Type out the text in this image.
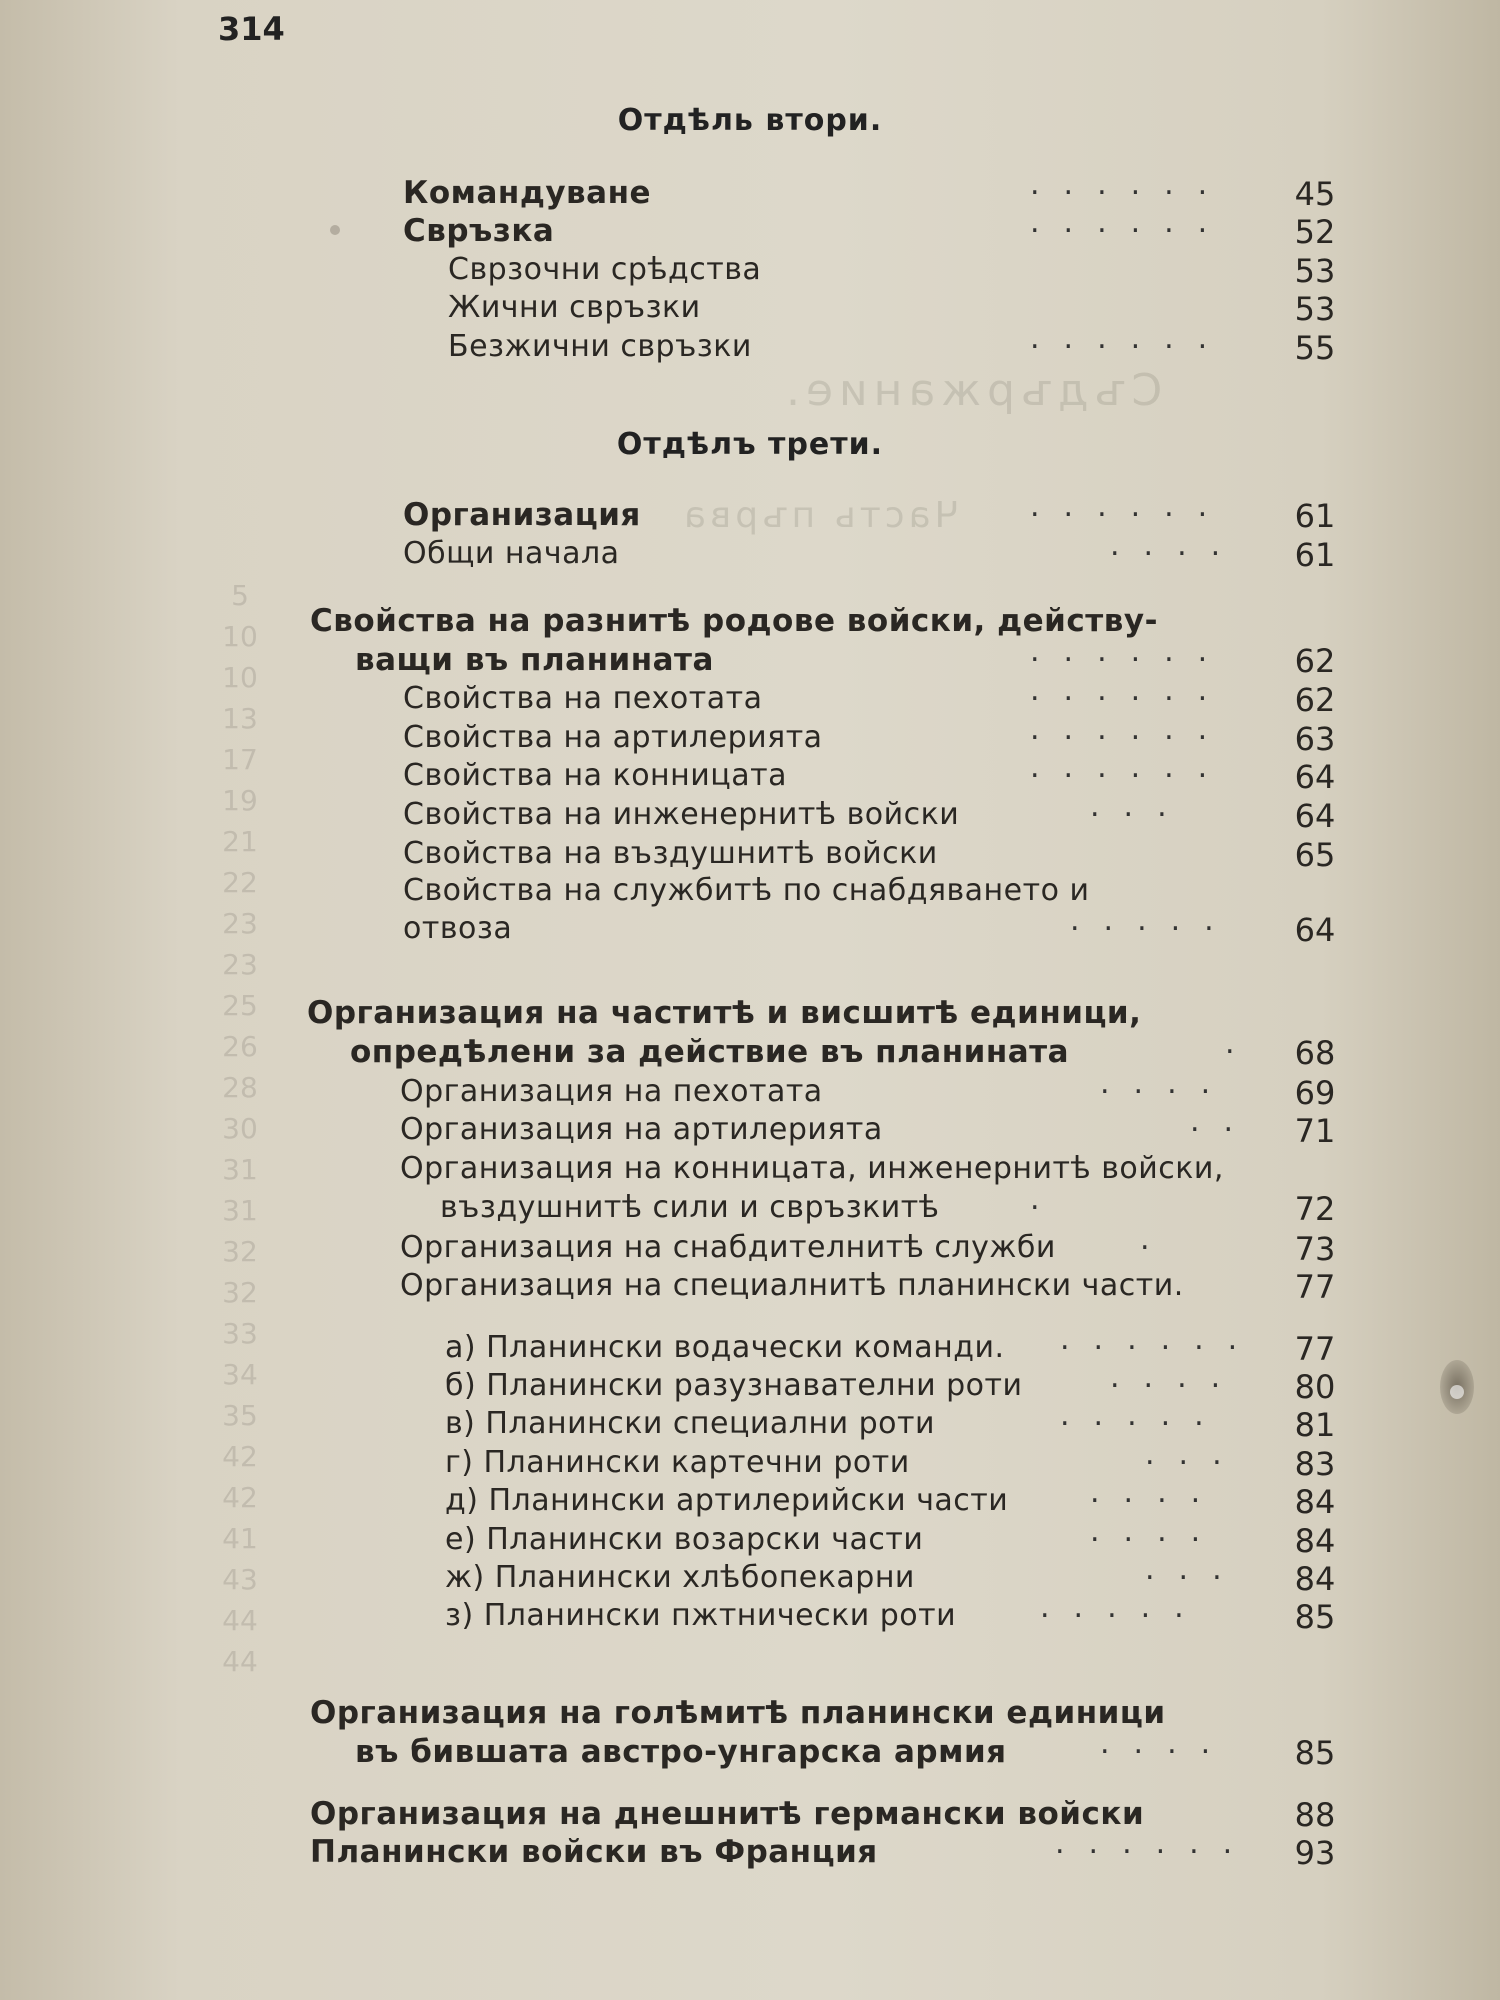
Съдържание.
Часть първа
5
10
10
13
17
19
21
22
23
23
25
26
28
30
31
31
32
32
33
34
35
42
42
41
43
44
44
314
Отдѣль втори.
Отдѣлъ трети.
Командуване	......	45
Свръзка	......	52
Сврзочни срѣдства	53
Жични свръзки	53
Безжични свръзки	......	55
Организация	......	61
Общи начала	....	61
Свойства на разнитѣ родове войски, действу-
ващи въ планината	......	62
Свойства на пехотата	......	62
Свойства на артилерията	......	63
Свойства на конницата	......	64
Свойства на инженернитѣ войски	...	64
Свойства на въздушнитѣ войски	65
Свойства на службитѣ по снабдяването и
отвоза	.....	64
Организация на частитѣ и висшитѣ единици,
опредѣлени за действие въ планината	.	68
Организация на пехотата	....	69
Организация на артилерията	..	71
Организация на конницата, инженернитѣ войски,
въздушнитѣ сили и свръзкитѣ	.	72
Организация на снабдителнитѣ служби	.	73
Организация на специалнитѣ планински части.	77
а) Планински водачески команди. ......	77
б) Планински разузнавателни роти	....	80
в) Планински специални роти	.....	81
г) Планински картечни роти	...	83
д) Планински артилерийски части	....	84
е) Планински возарски части	....	84
ж) Планински хлѣбопекарни	...	84
з) Планински пжтнически роти	.....	85
Организация на голѣмитѣ планински единици
въ бившата австро-унгарска армия	....	85
Организация на днешнитѣ германски войски	88
Планински войски въ Франция	......	93
